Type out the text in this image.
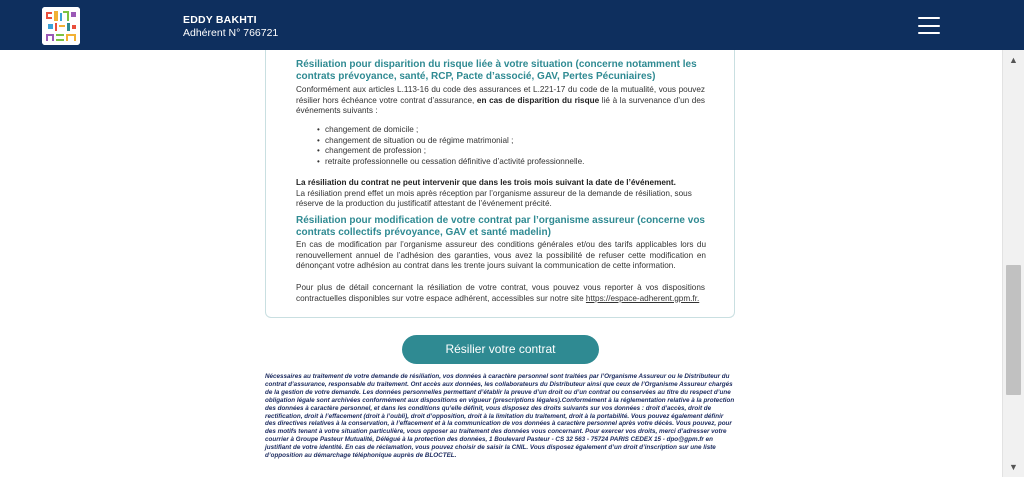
EDDY BAKHTI
Adhérent N° 766721
Résiliation pour disparition du risque liée à votre situation (concerne notamment les contrats prévoyance, santé, RCP, Pacte d’associé, GAV, Pertes Pécuniaires)
Conformément aux articles L.113-16 du code des assurances et L.221-17 du code de la mutualité, vous pouvez résilier hors échéance votre contrat d’assurance, en cas de disparition du risque lié à la survenance d’un des événements suivants :
• changement de domicile ;
• changement de situation ou de régime matrimonial ;
• changement de profession ;
• retraite professionnelle ou cessation définitive d’activité professionnelle.
La résiliation du contrat ne peut intervenir que dans les trois mois suivant la date de l’événement.
La résiliation prend effet un mois après réception par l’organisme assureur de la demande de résiliation, sous réserve de la production du justificatif attestant de l’événement précité.
Résiliation pour modification de votre contrat par l’organisme assureur (concerne vos contrats collectifs prévoyance, GAV et santé madelin)
En cas de modification par l’organisme assureur des conditions générales et/ou des tarifs applicables lors du renouvellement annuel de l’adhésion des garanties, vous avez la possibilité de refuser cette modification en dénonçant votre adhésion au contrat dans les trente jours suivant la communication de cette information.
Pour plus de détail concernant la résiliation de votre contrat, vous pouvez vous reporter à vos dispositions contractuelles disponibles sur votre espace adhérent, accessibles sur notre site https://espace-adherent.gpm.fr.
Résilier votre contrat
Nécessaires au traitement de votre demande de résiliation, vos données à caractère personnel sont traitées par l’Organisme Assureur ou le Distributeur du contrat d’assurance, responsable du traitement. Ont accès aux données, les collaborateurs du Distributeur ainsi que ceux de l’Organisme Assureur chargés de la gestion de votre demande. Les données personnelles permettant d’établir la preuve d’un droit ou d’un contrat ou conservées au titre du respect d’une obligation légale sont archivées conformément aux dispositions en vigueur (prescriptions légales).Conformément à la réglementation relative à la protection des données à caractère personnel, et dans les conditions qu’elle définit, vous disposez des droits suivants sur vos données : droit d’accès, droit de rectification, droit à l’effacement (droit à l’oubli), droit d’opposition, droit à la limitation du traitement, droit à la portabilité. Vous pouvez également définir des directives relatives à la conservation, à l’effacement et à la communication de vos données à caractère personnel après votre décès. Vous pouvez, pour des motifs tenant à votre situation particulière, vous opposer au traitement des données vous concernant. Pour exercer vos droits, merci d’adresser votre courrier à Groupe Pasteur Mutualité, Délégué à la protection des données, 1 Boulevard Pasteur - CS 32 563 - 75724 PARIS CEDEX 15 - dpo@gpm.fr en justifiant de votre identité. En cas de réclamation, vous pouvez choisir de saisir la CNIL. Vous disposez également d’un droit d’inscription sur une liste d’opposition au démarchage téléphonique auprès de BLOCTEL.
▲
▼
